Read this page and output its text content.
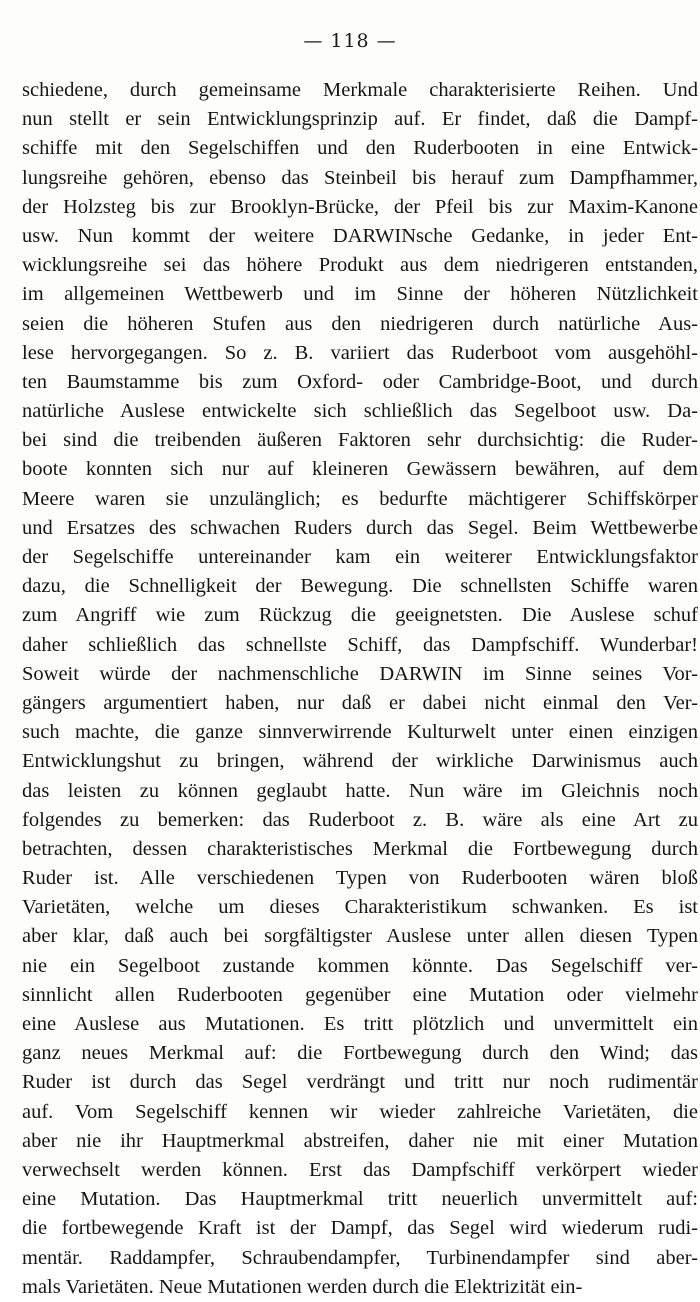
— 118 —
schiedene, durch gemeinsame Merkmale charakterisierte Reihen. Und
nun stellt er sein Entwicklungsprinzip auf. Er findet, daß die Dampf-
schiffe mit den Segelschiffen und den Ruderbooten in eine Entwick-
lungsreihe gehören, ebenso das Steinbeil bis herauf zum Dampfhammer,
der Holzsteg bis zur Brooklyn-Brücke, der Pfeil bis zur Maxim-Kanone
usw. Nun kommt der weitere DARWINsche Gedanke, in jeder Ent-
wicklungsreihe sei das höhere Produkt aus dem niedrigeren entstanden,
im allgemeinen Wettbewerb und im Sinne der höheren Nützlichkeit
seien die höheren Stufen aus den niedrigeren durch natürliche Aus-
lese hervorgegangen. So z. B. variiert das Ruderboot vom ausgehöhl-
ten Baumstamme bis zum Oxford- oder Cambridge-Boot, und durch
natürliche Auslese entwickelte sich schließlich das Segelboot usw. Da-
bei sind die treibenden äußeren Faktoren sehr durchsichtig: die Ruder-
boote konnten sich nur auf kleineren Gewässern bewähren, auf dem
Meere waren sie unzulänglich; es bedurfte mächtigerer Schiffskörper
und Ersatzes des schwachen Ruders durch das Segel. Beim Wettbewerbe
der Segelschiffe untereinander kam ein weiterer Entwicklungsfaktor
dazu, die Schnelligkeit der Bewegung. Die schnellsten Schiffe waren
zum Angriff wie zum Rückzug die geeignetsten. Die Auslese schuf
daher schließlich das schnellste Schiff, das Dampfschiff. Wunderbar!
Soweit würde der nachmenschliche DARWIN im Sinne seines Vor-
gängers argumentiert haben, nur daß er dabei nicht einmal den Ver-
such machte, die ganze sinnverwirrende Kulturwelt unter einen einzigen
Entwicklungshut zu bringen, während der wirkliche Darwinismus auch
das leisten zu können geglaubt hatte. Nun wäre im Gleichnis noch
folgendes zu bemerken: das Ruderboot z. B. wäre als eine Art zu
betrachten, dessen charakteristisches Merkmal die Fortbewegung durch
Ruder ist. Alle verschiedenen Typen von Ruderbooten wären bloß
Varietäten, welche um dieses Charakteristikum schwanken. Es ist
aber klar, daß auch bei sorgfältigster Auslese unter allen diesen Typen
nie ein Segelboot zustande kommen könnte. Das Segelschiff ver-
sinnlicht allen Ruderbooten gegenüber eine Mutation oder vielmehr
eine Auslese aus Mutationen. Es tritt plötzlich und unvermittelt ein
ganz neues Merkmal auf: die Fortbewegung durch den Wind; das
Ruder ist durch das Segel verdrängt und tritt nur noch rudimentär
auf. Vom Segelschiff kennen wir wieder zahlreiche Varietäten, die
aber nie ihr Hauptmerkmal abstreifen, daher nie mit einer Mutation
verwechselt werden können. Erst das Dampfschiff verkörpert wieder
eine Mutation. Das Hauptmerkmal tritt neuerlich unvermittelt auf:
die fortbewegende Kraft ist der Dampf, das Segel wird wiederum rudi-
mentär. Raddampfer, Schraubendampfer, Turbinendampfer sind aber-
mals Varietäten. Neue Mutationen werden durch die Elektrizität ein-
